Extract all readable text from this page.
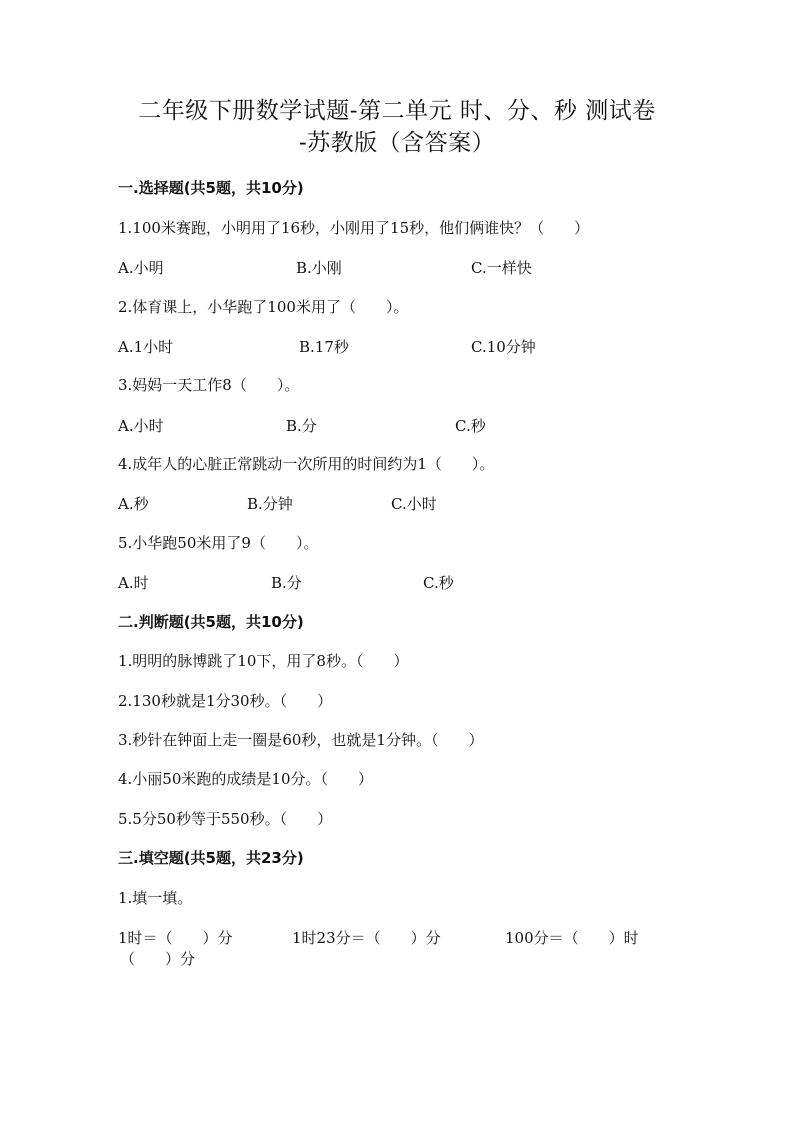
二年级下册数学试题-第二单元 时、分、秒 测试卷
-苏教版（含答案）
一.选择题(共5题，共10分)
1.100米赛跑，小明用了16秒，小刚用了15秒，他们俩谁快？（　　）
A.小明	B.小刚	C.一样快
2.体育课上，小华跑了100米用了（　　）。
A.1小时	B.17秒	C.10分钟
3.妈妈一天工作8（　　）。
A.小时	B.分	C.秒
4.成年人的心脏正常跳动一次所用的时间约为1（　　）。
A.秒	B.分钟	C.小时
5.小华跑50米用了9（　　）。
A.时	B.分	C.秒
二.判断题(共5题，共10分)
1.明明的脉博跳了10下，用了8秒。（　　）
2.130秒就是1分30秒。（　　）
3.秒针在钟面上走一圈是60秒，也就是1分钟。（　　）
4.小丽50米跑的成绩是10分。（　　）
5.5分50秒等于550秒。（　　）
三.填空题(共5题，共23分)
1.填一填。
1时＝（　　）分	1时23分＝（　　）分	100分＝（　　）时
（　　）分
